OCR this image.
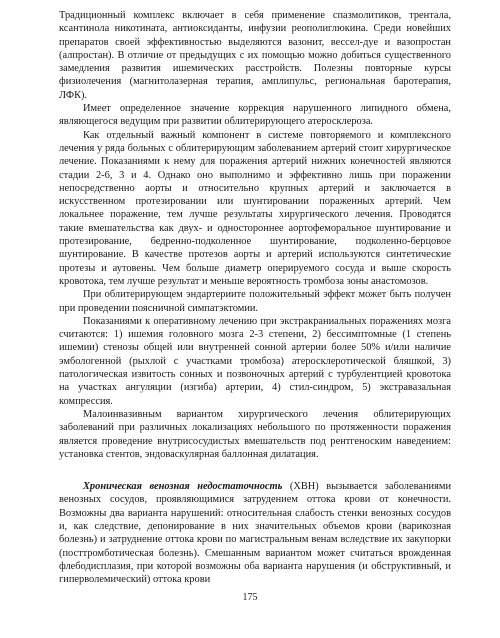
Традиционный комплекс включает в себя применение спазмолитиков, трентала, ксантинола никотината, антиоксиданты, инфузии реополиглюкина. Среди новейших препаратов своей эффективностью выделяются вазонит, вессел-дуе и вазопростан (алпростан). В отличие от предыдущих с их помощью можно добиться существенного замедления развития ишемических расстройств. Полезны повторные курсы физиолечения (магнитолазерная терапия, амплипульс, региональная баротерапия, ЛФК).

Имеет определенное значение коррекция нарушенного липидного обмена, являющегося ведущим при развитии облитерирующего атеросклероза.

Как отдельный важный компонент в системе повторяемого и комплексного лечения у ряда больных с облитерирующим заболеванием артерий стоит хирургическое лечение. Показаниями к нему для поражения артерий нижних конечностей являются стадии 2-6, 3 и 4. Однако оно выполнимо и эффективно лишь при поражении непосредственно аорты и относительно крупных артерий и заключается в искусственном протезировании или шунтировании пораженных артерий. Чем локальнее поражение, тем лучше результаты хирургического лечения. Проводятся такие вмешательства как двух- и одностороннее аортофеморальное шунтирование и протезирование, бедренно-подколенное шунтирование, подколенно-берцовое шунтирование. В качестве протезов аорты и артерий используются синтетические протезы и аутовены. Чем больше диаметр оперируемого сосуда и выше скорость кровотока, тем лучше результат и меньше вероятность тромбоза зоны анастомозов.

При облитерирующем эндартериите положительный эффект может быть получен при проведении поясничной симпатэктомии.

Показаниями к оперативному лечению при экстракраниальных поражениях мозга считаются: 1) ишемия головного мозга 2-3 степени, 2) бессимптомные (1 степень ишемии) стенозы общей или внутренней сонной артерии более 50% и/или наличие эмбологенной (рыхлой с участками тромбоза) атеросклеротической бляшкой, 3) патологическая извитость сонных и позвоночных артерий с турбулентцией кровотока на участках ангуляции (изгиба) артерии, 4) стил-синдром, 5) экстравазальная компрессия.

Малоинвазивным вариантом хирургического лечения облитерирующих заболеваний при различных локализациях небольшого по протяженности поражения является проведение внутрисосудистых вмешательств под рентгеноским наведением: установка стентов, эндоваскулярная баллонная дилатация.

Хроническая венозная недостаточность (ХВН) вызывается заболеваниями венозных сосудов, проявляющимися затрудением оттока крови от конечности. Возможны два варианта нарушений: относительная слабость стенки венозных сосудов и, как следствие, депонирование в них значительных объемов крови (варикозная болезнь) и затруднение оттока крови по магистральным венам вследствие их закупорки (посттромботическая болезнь). Смешанным вариантом может считаться врожденная флебодисплазия, при которой возможны оба варианта нарушения (и обструктивный, и гиперволемический) оттока крови

175
